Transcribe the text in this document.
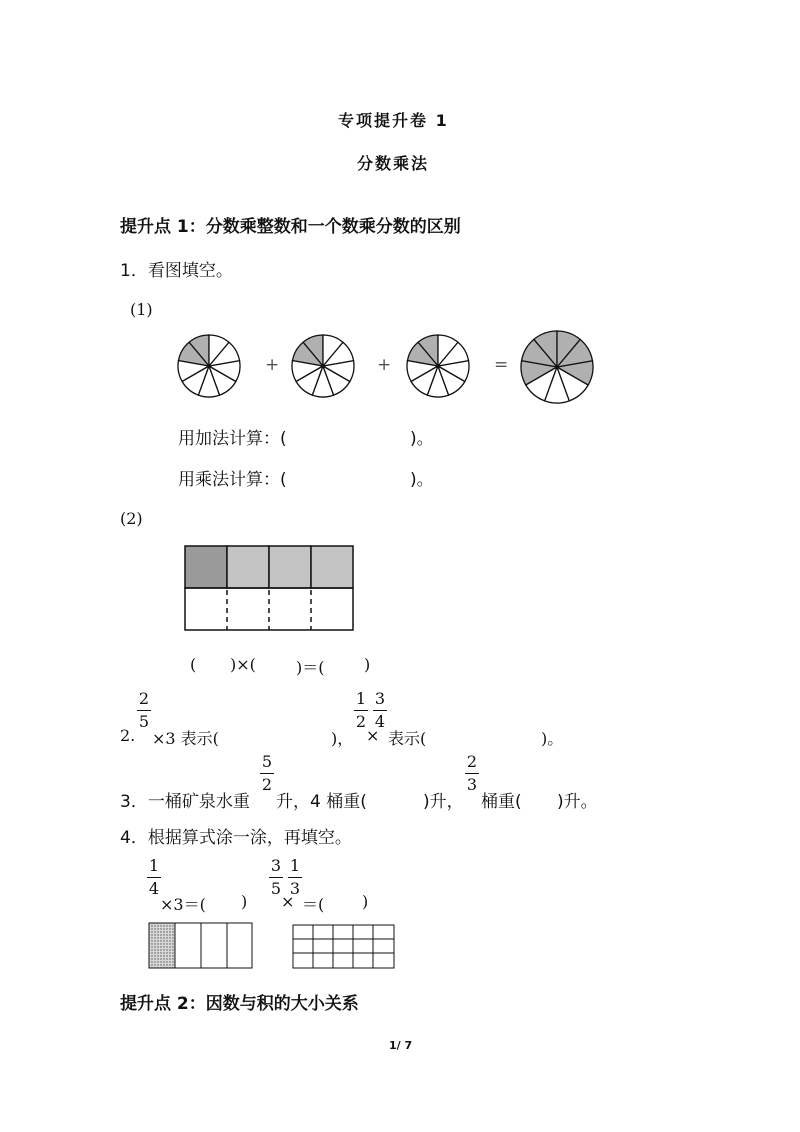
专项提升卷 1
分数乘法
提升点 1：分数乘整数和一个数乘分数的区别
1．看图填空。
(1)
+	+	=
用加法计算：(	)。
用乘法计算：(	)。
(2)
( )×(	)＝( )
2.
2
5
×3 表示(	)，
1
2
×
3
4
表示(	)。
3．一桶矿泉水重
5
2
升，4 桶重(	)升，
2
3
桶重( )升。
4．根据算式涂一涂，再填空。
1
4
×3＝( )
3
5
×
1
3
＝( )
提升点 2：因数与积的大小关系
1/ 7
